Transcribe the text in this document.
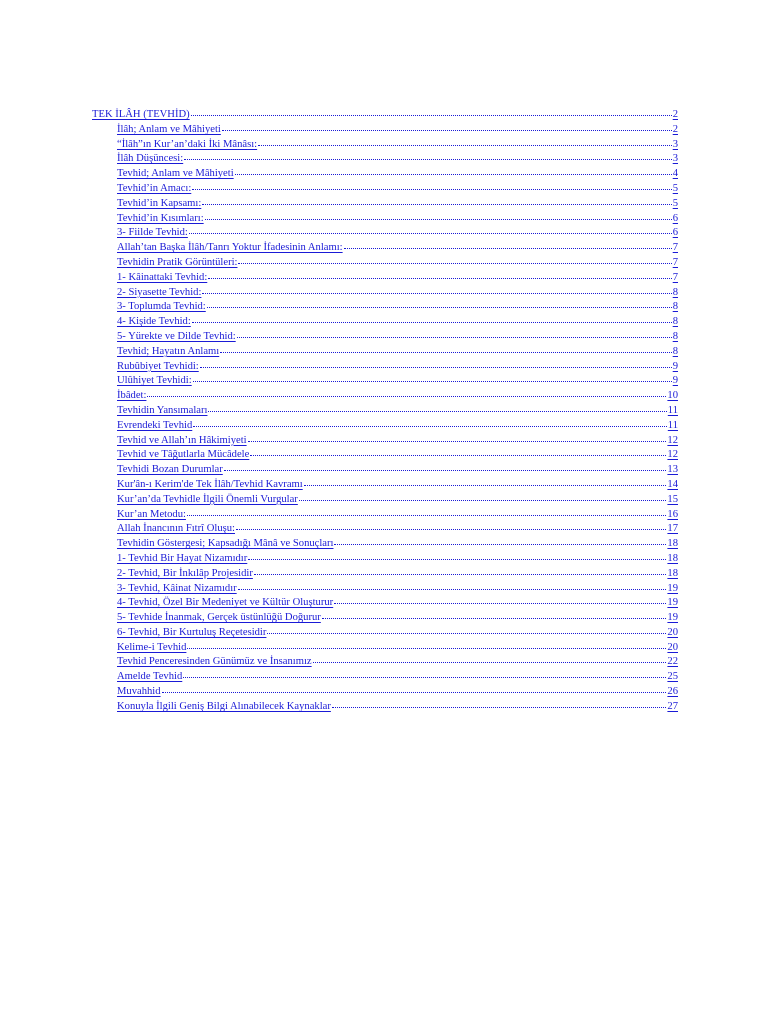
TEK İLÂH (TEVHİD)	2
İlâh; Anlam ve Mâhiyeti	2
“İlâh”ın Kur’an’daki İki Mânâsı:	3
İlâh Düşüncesi:	3
Tevhid; Anlam ve Mâhiyeti	4
Tevhid’in Amacı:	5
Tevhid’in Kapsamı:	5
Tevhid’in Kısımları:	6
3- Fiilde Tevhid:	6
Allah’tan Başka İlâh/Tanrı Yoktur İfadesinin Anlamı:	7
Tevhidin Pratik Görüntüleri:	7
1- Kâinattaki Tevhid:	7
2- Siyasette Tevhid:	8
3- Toplumda Tevhid:	8
4- Kişide Tevhid:	8
5- Yürekte ve Dilde Tevhid:	8
Tevhid; Hayatın Anlamı	8
Rubûbiyet Tevhidi:	9
Ulûhiyet Tevhidi:	9
İbâdet:	10
Tevhidin Yansımaları	11
Evrendeki Tevhid	11
Tevhid ve Allah’ın Hâkimiyeti	12
Tevhid ve Tâğutlarla Mücâdele	12
Tevhidi Bozan Durumlar	13
Kur'ân-ı Kerim'de Tek İlâh/Tevhid Kavramı	14
Kur’an’da Tevhidle İlgili Önemli Vurgular	15
Kur’an Metodu:	16
Allah İnancının Fıtrî Oluşu:	17
Tevhidin Göstergesi; Kapsadığı Mânâ ve Sonuçları	18
1- Tevhid Bir Hayat Nizamıdır	18
2- Tevhid, Bir İnkılâp Projesidir	18
3- Tevhid, Kâinat Nizamıdır	19
4- Tevhid, Özel Bir Medeniyet ve Kültür Oluşturur	19
5- Tevhide İnanmak, Gerçek üstünlüğü Doğurur	19
6- Tevhid, Bir Kurtuluş Reçetesidir	20
Kelime-i Tevhid	20
Tevhid Penceresinden Günümüz ve İnsanımız	22
Amelde Tevhid	25
Muvahhid	26
Konuyla İlgili Geniş Bilgi Alınabilecek Kaynaklar	27
